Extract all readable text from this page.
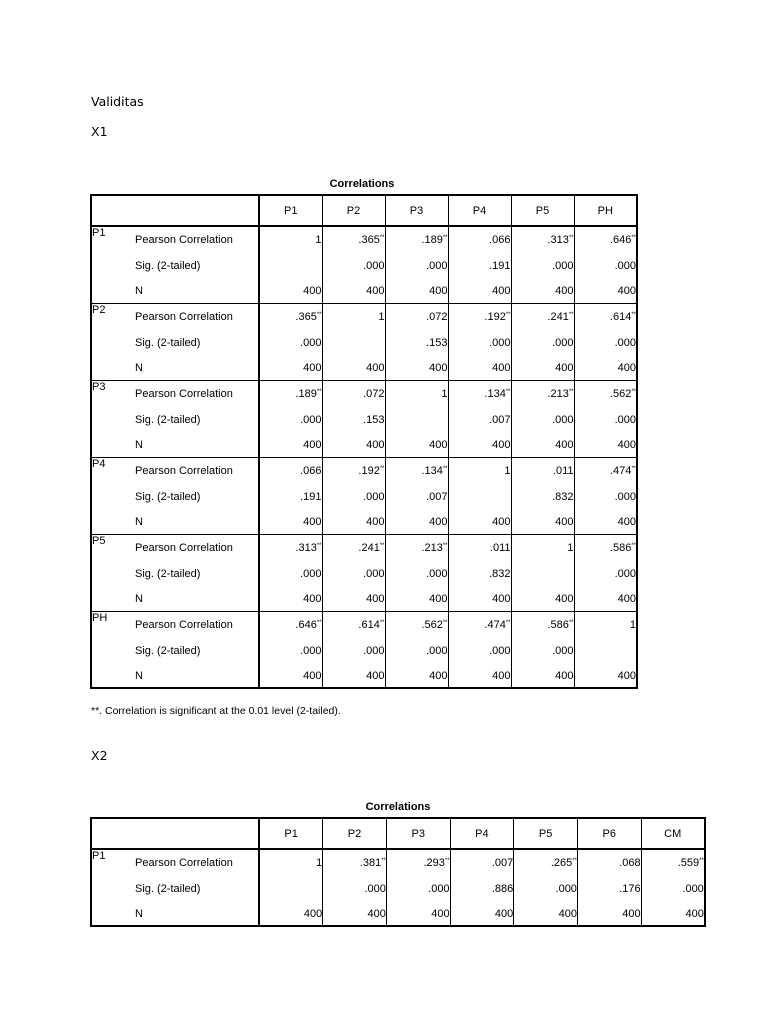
Validitas
X1
Correlations
		P1	P2	P3	P4	P5	PH
P1	Pearson Correlation	1	.365**	.189**	.066	.313**	.646**
	Sig. (2-tailed)		.000	.000	.191	.000	.000
	N	400	400	400	400	400	400
P2	Pearson Correlation	.365**	1	.072	.192**	.241**	.614**
	Sig. (2-tailed)	.000		.153	.000	.000	.000
	N	400	400	400	400	400	400
P3	Pearson Correlation	.189**	.072	1	.134**	.213**	.562**
	Sig. (2-tailed)	.000	.153		.007	.000	.000
	N	400	400	400	400	400	400
P4	Pearson Correlation	.066	.192**	.134**	1	.011	.474**
	Sig. (2-tailed)	.191	.000	.007		.832	.000
	N	400	400	400	400	400	400
P5	Pearson Correlation	.313**	.241**	.213**	.011	1	.586**
	Sig. (2-tailed)	.000	.000	.000	.832		.000
	N	400	400	400	400	400	400
PH	Pearson Correlation	.646**	.614**	.562**	.474**	.586**	1
	Sig. (2-tailed)	.000	.000	.000	.000	.000	
	N	400	400	400	400	400	400
**. Correlation is significant at the 0.01 level (2-tailed).
X2
Correlations
		P1	P2	P3	P4	P5	P6	CM
P1	Pearson Correlation	1	.381**	.293**	.007	.265**	.068	.559**
	Sig. (2-tailed)		.000	.000	.886	.000	.176	.000
	N	400	400	400	400	400	400	400
